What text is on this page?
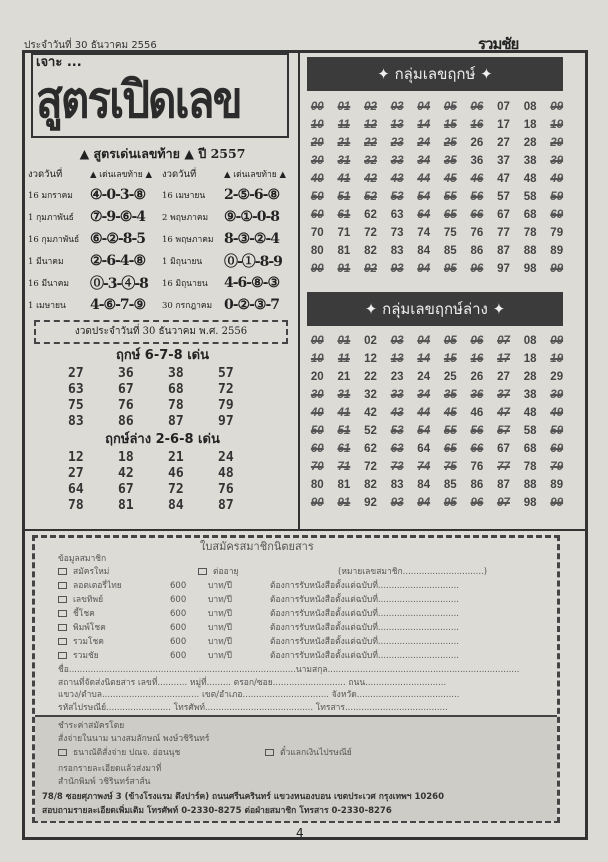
ประจำวันที่ 30 ธันวาคม 2556	รวมชัย
เจาะ ...
สูตรเปิดเลข
▲ สูตรเด่นเลขท้าย ▲ ปี 2557
งวดวันที่	▲ เด่นเลขท้าย ▲	งวดวันที่	▲ เด่นเลขท้าย ▲
16 มกราคม	④-0-3-⑧	16 เมษายน	2-⑤-6-⑧
1 กุมภาพันธ์	⑦-9-⑥-4	2 พฤษภาคม	⑨-①-0-8
16 กุมภาพันธ์ ⑥-②-8-5	16 พฤษภาคม 8-③-②-4
1 มีนาคม	②-6-4-⑧	1 มิถุนายน	⓪-①-8-9
16 มีนาคม	⓪-3-④-8	16 มิถุนายน	4-6-⑧-③
1 เมษายน	4-⑥-7-⑨	30 กรกฎาคม 0-②-③-7
งวดประจำวันที่ 30 ธันวาคม พ.ศ. 2556
ฤกษ์ 6-7-8 เด่น
27	36	38	57
63	67	68	72
75	76	78	79
83	86	87	97
ฤกษ์ล่าง 2-6-8 เด่น
12	18	21	24
27	42	46	48
64	67	72	76
78	81	84	87
✦ กลุ่มเลขฤกษ์ ✦
00	01	02	03	04	05	06	07	08	09
10	11	12	13	14	15	16	17	18	19
20	21	22	23	24	25	26	27	28	29
30	31	32	33	34	35	36	37	38	39
40	41	42	43	44	45	46	47	48	49
50	51	52	53	54	55	56	57	58	59
60	61	62	63	64	65	66	67	68	69
70	71	72	73	74	75	76	77	78	79
80	81	82	83	84	85	86	87	88	89
90	91	92	93	94	95	96	97	98	99
✦ กลุ่มเลขฤกษ์ล่าง ✦
00	01	02	03	04	05	06	07	08	09
10	11	12	13	14	15	16	17	18	19
20	21	22	23	24	25	26	27	28	29
30	31	32	33	34	35	36	37	38	39
40	41	42	43	44	45	46	47	48	49
50	51	52	53	54	55	56	57	58	59
60	61	62	63	64	65	66	67	68	69
70	71	72	73	74	75	76	77	78	79
80	81	82	83	84	85	86	87	88	89
90	91	92	93	94	95	96	97	98	99
ใบสมัครสมาชิกนิตยสาร
ข้อมูลสมาชิก
สมัครใหม่	ต่ออายุ	(หมายเลขสมาชิก..............................)
ชำระค่าสมัครโดย
สั่งจ่ายในนาม นางสมลักษณ์ พงษ์วชิรินทร์
ธนาณัติสั่งจ่าย ปณจ. อ่อนนุช	ตั๋วแลกเงินไปรษณีย์
กรอกรายละเอียดแล้วส่งมาที่
สำนักพิมพ์ วชิรินทร์สาส์น
78/8 ซอยศุภาพงษ์ 3 (ข้างโรงแรม ตึงปาร์ค) ถนนศรีนครินทร์ แขวงหนองบอน เขตประเวศ กรุงเทพฯ 10260
สอบถามรายละเอียดเพิ่มเติม โทรศัพท์ 0-2330-8275 ต่อฝ่ายสมาชิก โทรสาร 0-2330-8276
4
ลอตเตอรี่ไทย	600	บาท/ปี	ต้องการรับหนังสือตั้งแต่ฉบับที่..............................
เลขทิพย์	600	บาท/ปี	ต้องการรับหนังสือตั้งแต่ฉบับที่..............................
ชี้โชค	600	บาท/ปี	ต้องการรับหนังสือตั้งแต่ฉบับที่..............................
พิมพ์โชค	600	บาท/ปี	ต้องการรับหนังสือตั้งแต่ฉบับที่..............................
รวมโชค	600	บาท/ปี	ต้องการรับหนังสือตั้งแต่ฉบับที่..............................
รวมชัย	600	บาท/ปี	ต้องการรับหนังสือตั้งแต่ฉบับที่..............................
ชื่อ....................................................................................นามสกุล.......................................................................
สถานที่จัดส่งนิตยสาร เลขที่........... หมู่ที่......... ตรอก/ซอย........................... ถนน..............................
แขวง/ตำบล.................................... เขต/อำเภอ................................ จังหวัด......................................
รหัสไปรษณีย์........................ โทรศัพท์........................................ โทรสาร......................................
